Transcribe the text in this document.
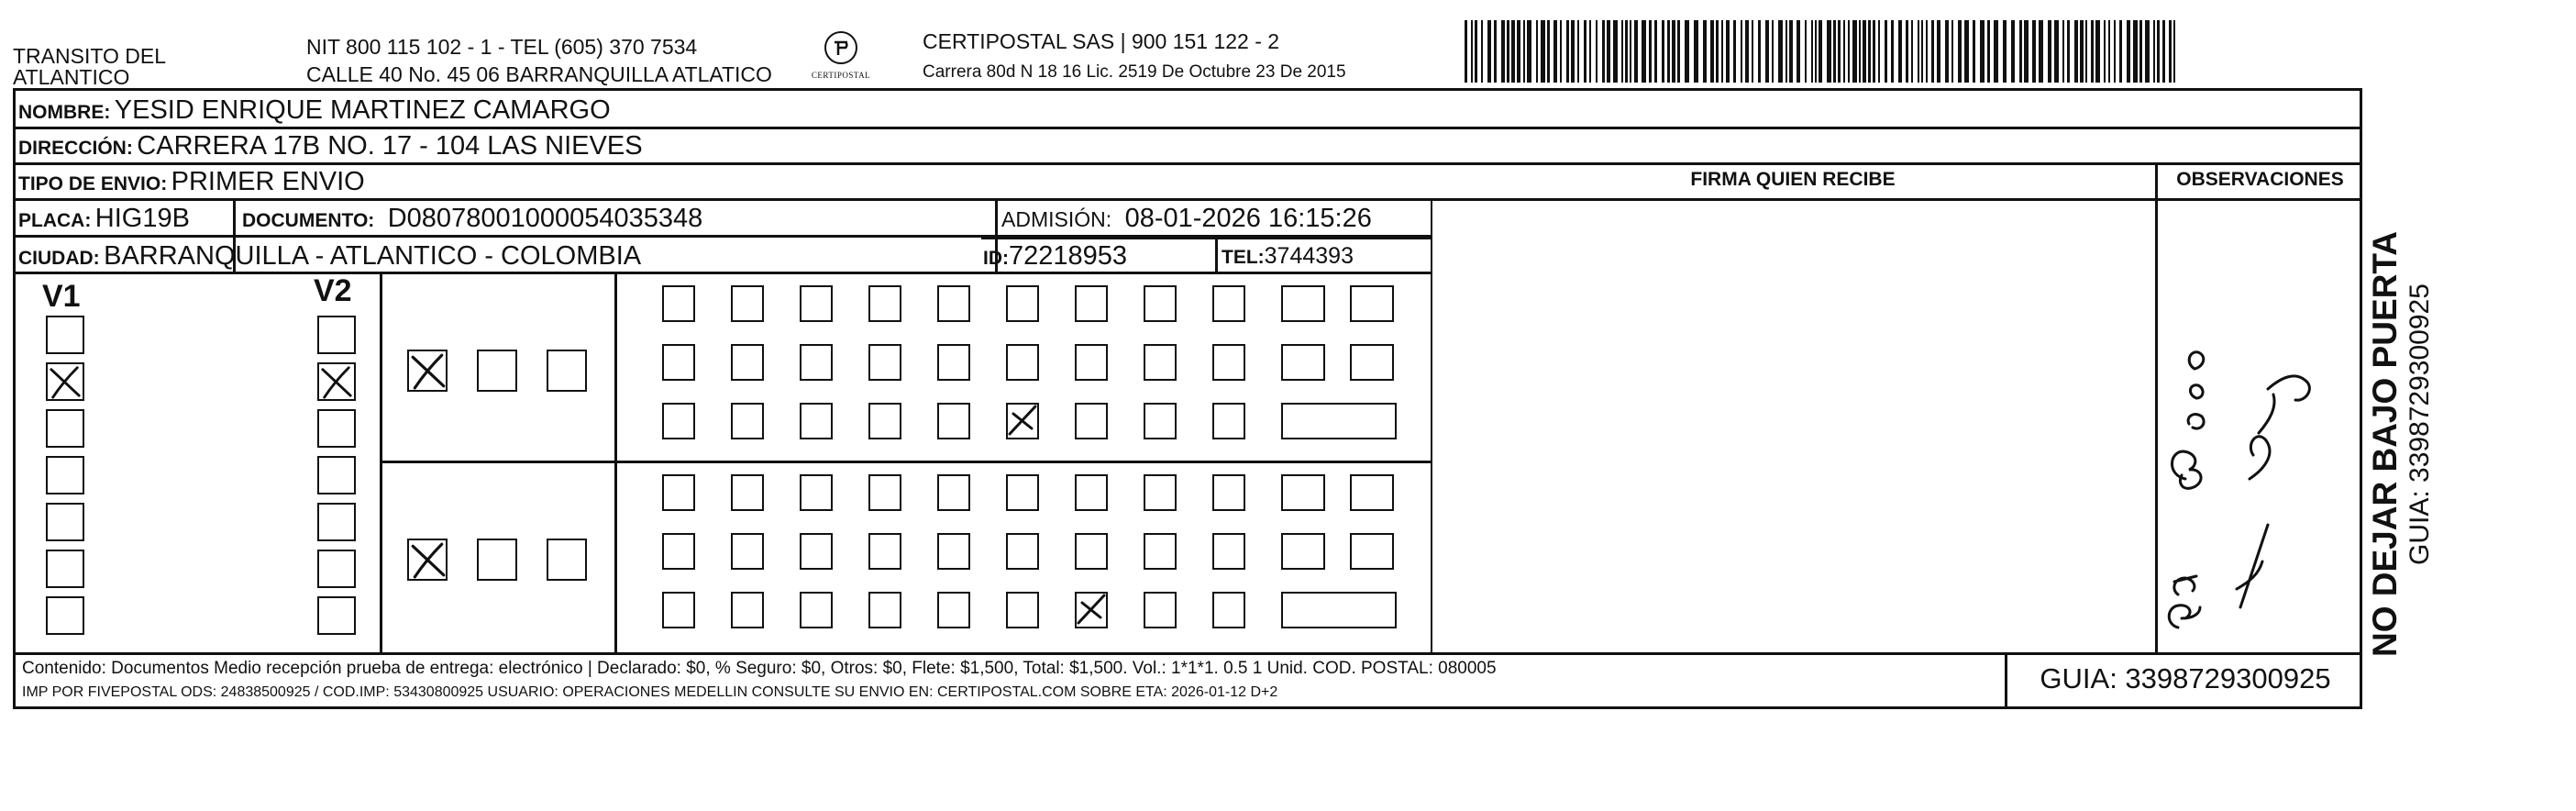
TRANSITO DEL
ATLANTICO
NIT 800 115 102 - 1 - TEL (605) 370 7534
CALLE 40 No. 45 06 BARRANQUILLA ATLATICO	CERTIPOSTAL
CERTIPOSTAL SAS | 900 151 122 - 2
Carrera 80d N 18 16 Lic. 2519 De Octubre 23 De 2015
NOMBRE: YESID ENRIQUE MARTINEZ CAMARGO
DIRECCIÓN: CARRERA 17B NO. 17 - 104 LAS NIEVES
TIPO DE ENVIO: PRIMER ENVIO	FIRMA QUIEN RECIBE	OBSERVACIONES
PLACA: HIG19B	DOCUMENTO: D08078001000054035348	ADMISIÓN: 08-01-2026 16:15:26
CIUDAD: BARRANQUILLA - ATLANTICO - COLOMBIA	ID:72218953	TEL:3744393
V1	V2
Gn Blanco
NO DEJAR BAJO PUERTA GUIA: 3398729300925
Contenido: Documentos Medio recepción prueba de entrega: electrónico | Declarado: $0, % Seguro: $0, Otros: $0, Flete: $1,500, Total: $1,500. Vol.: 1*1*1. 0.5 1 Unid. COD. POSTAL: 080005
IMP POR FIVEPOSTAL ODS: 24838500925 / COD.IMP: 53430800925 USUARIO: OPERACIONES MEDELLIN CONSULTE SU ENVIO EN: CERTIPOSTAL.COM SOBRE ETA: 2026-01-12 D+2	GUIA: 3398729300925
